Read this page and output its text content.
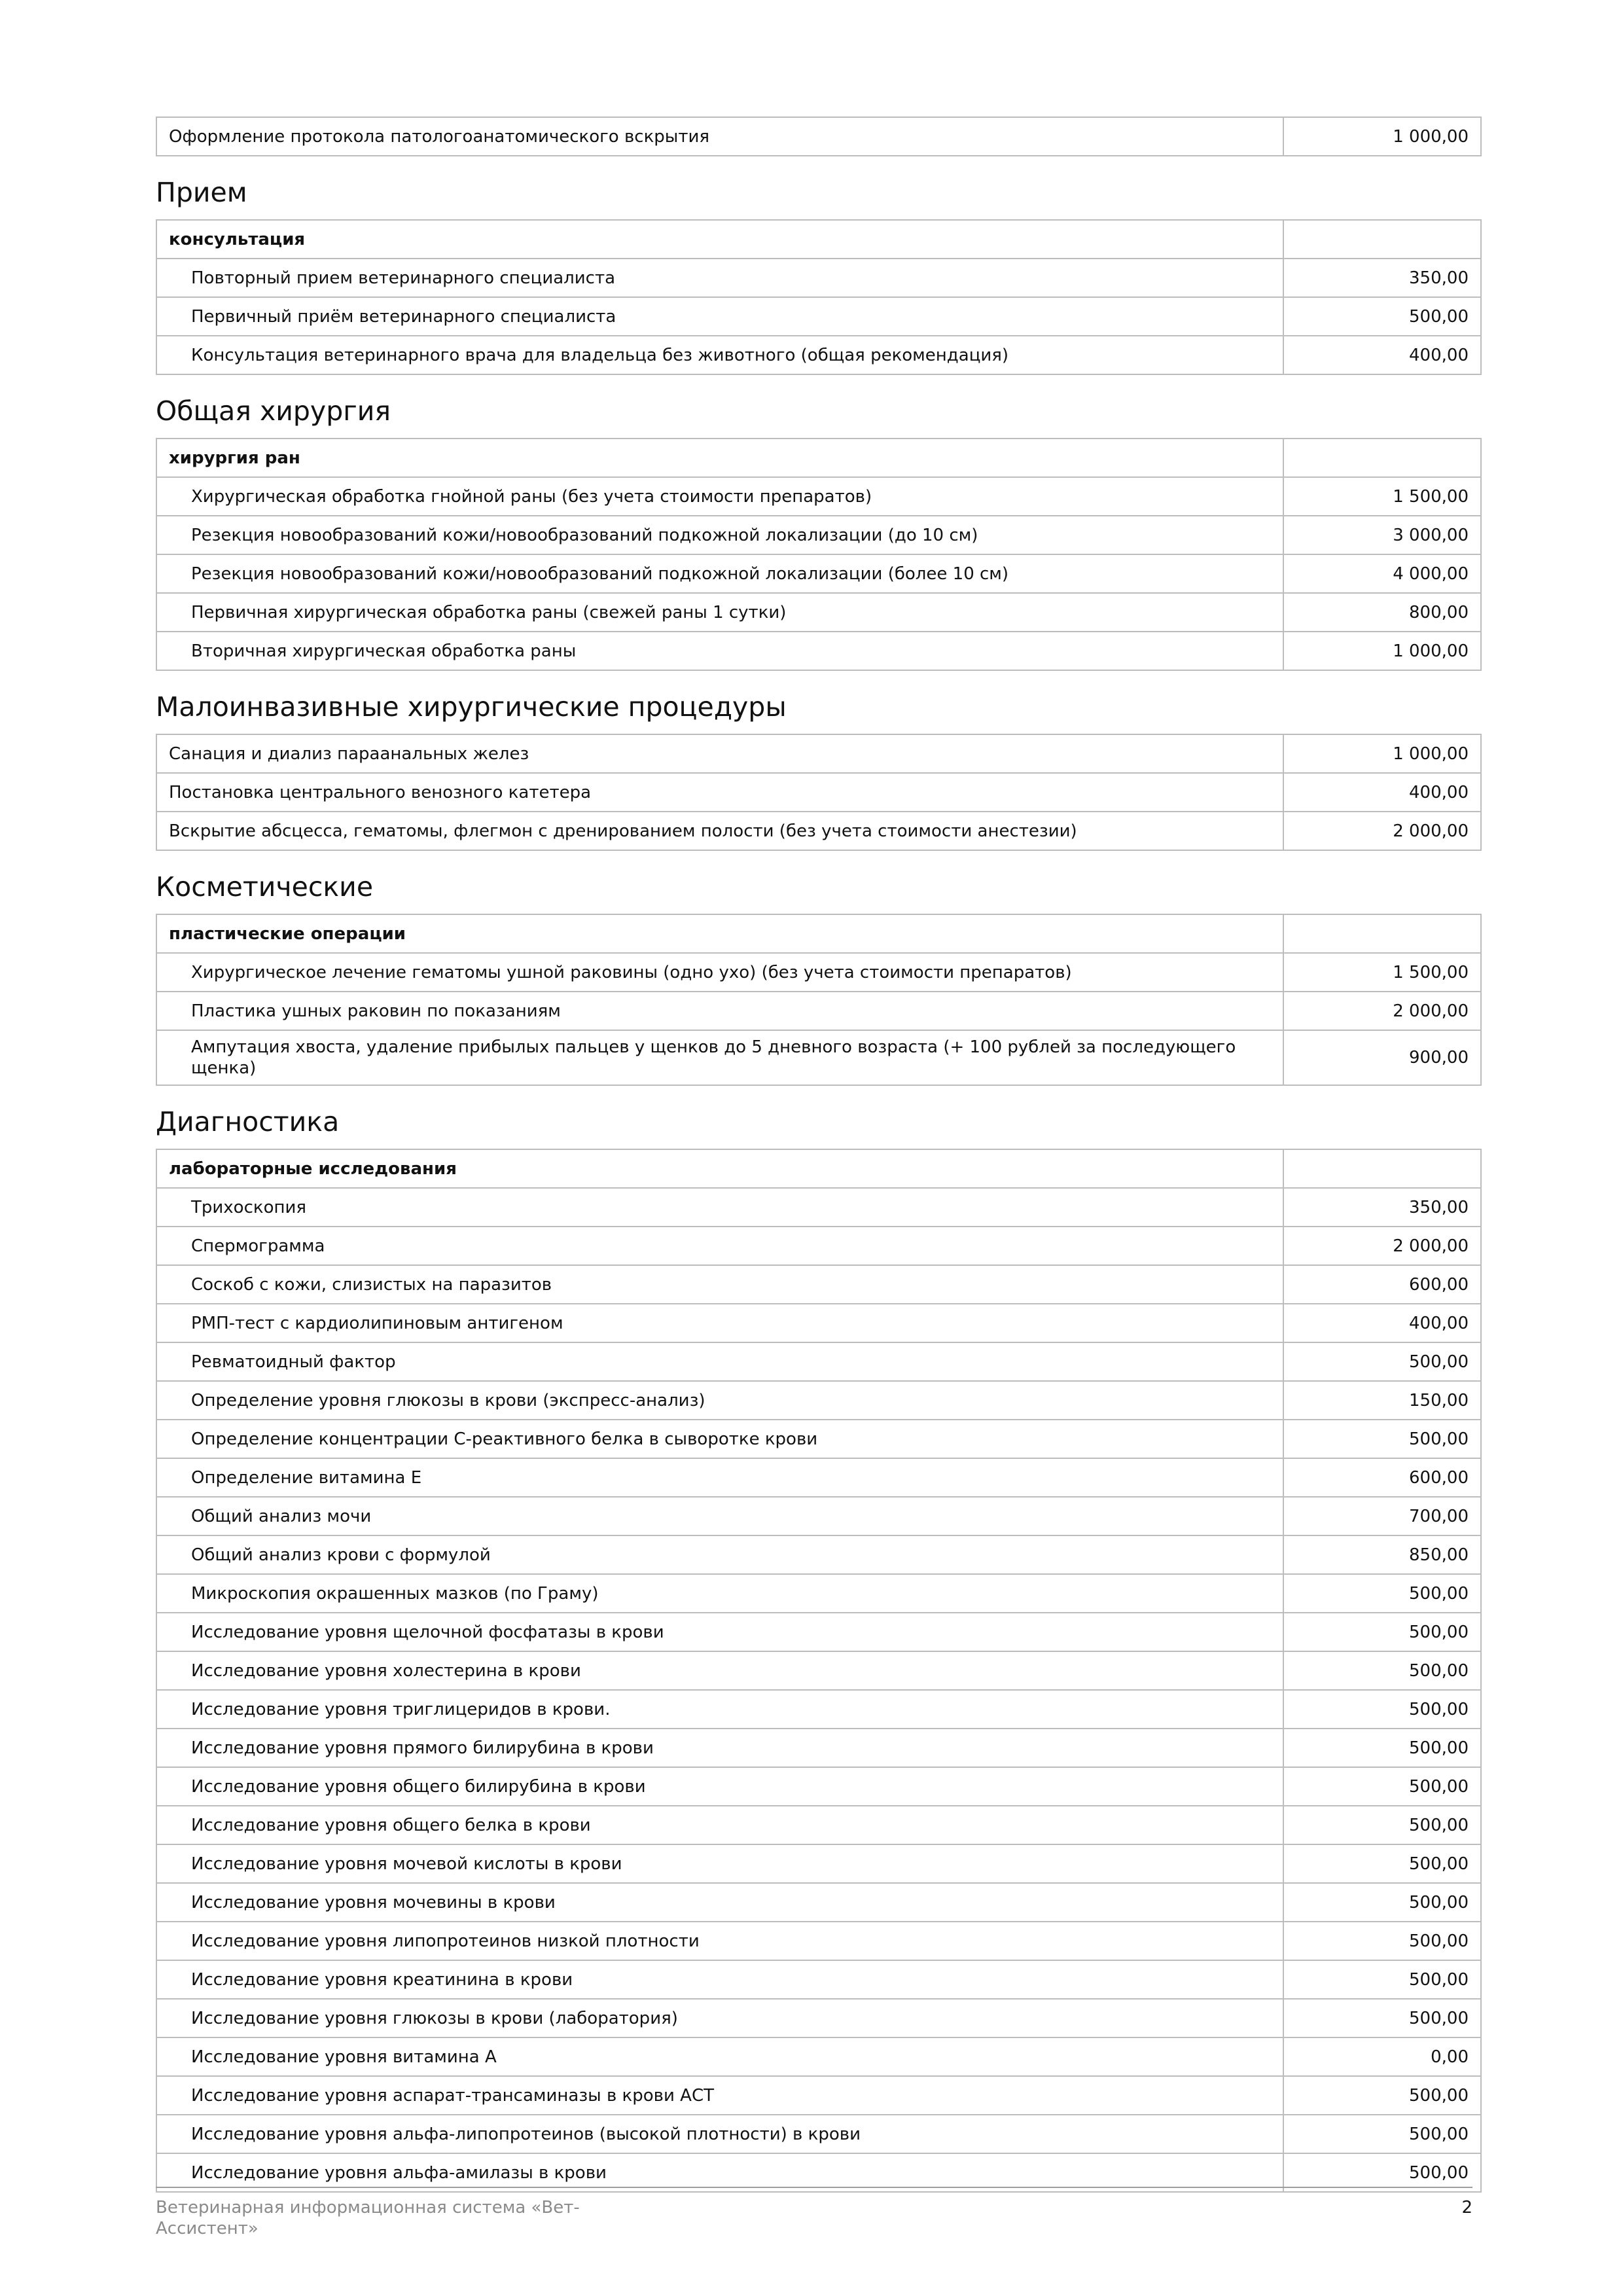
Оформление протокола патологоанатомического вскрытия	1 000,00
Прием
консультация	
Повторный прием ветеринарного специалиста	350,00
Первичный приём ветеринарного специалиста	500,00
Консультация ветеринарного врача для владельца без животного (общая рекомендация)	400,00
Общая хирургия
хирургия ран	
Хирургическая обработка гнойной раны (без учета стоимости препаратов)	1 500,00
Резекция новообразований кожи/новообразований подкожной локализации (до 10 см)	3 000,00
Резекция новообразований кожи/новообразований подкожной локализации (более 10 см)	4 000,00
Первичная хирургическая обработка раны (свежей раны 1 сутки)	800,00
Вторичная хирургическая обработка раны	1 000,00
Малоинвазивные хирургические процедуры
Санация и диализ параанальных желез	1 000,00
Постановка центрального венозного катетера	400,00
Вскрытие абсцесса, гематомы, флегмон с дренированием полости (без учета стоимости анестезии)	2 000,00
Косметические
пластические операции	
Хирургическое лечение гематомы ушной раковины (одно ухо) (без учета стоимости препаратов)	1 500,00
Пластика ушных раковин по показаниям	2 000,00
Ампутация хвоста, удаление прибылых пальцев у щенков до 5 дневного возраста (+ 100 рублей за последующего щенка)	900,00
Диагностика
лабораторные исследования	
Трихоскопия	350,00
Спермограмма	2 000,00
Соскоб с кожи, слизистых на паразитов	600,00
РМП-тест с кардиолипиновым антигеном	400,00
Ревматоидный фактор	500,00
Определение уровня глюкозы в крови (экспресс-анализ)	150,00
Определение концентрации С-реактивного белка в сыворотке крови	500,00
Определение витамина Е	600,00
Общий анализ мочи	700,00
Общий анализ крови с формулой	850,00
Микроскопия окрашенных мазков (по Граму)	500,00
Исследование уровня щелочной фосфатазы в крови	500,00
Исследование уровня холестерина в крови	500,00
Исследование уровня триглицеридов в крови.	500,00
Исследование уровня прямого билирубина в крови	500,00
Исследование уровня общего билирубина в крови	500,00
Исследование уровня общего белка в крови	500,00
Исследование уровня мочевой кислоты в крови	500,00
Исследование уровня мочевины в крови	500,00
Исследование уровня липопротеинов низкой плотности	500,00
Исследование уровня креатинина в крови	500,00
Исследование уровня глюкозы в крови (лаборатория)	500,00
Исследование уровня витамина А	0,00
Исследование уровня аспарат-трансаминазы в крови АСТ	500,00
Исследование уровня альфа-липопротеинов (высокой плотности) в крови	500,00
Исследование уровня альфа-амилазы в крови	500,00
Ветеринарная информационная система «Вет-Ассистент»
2
